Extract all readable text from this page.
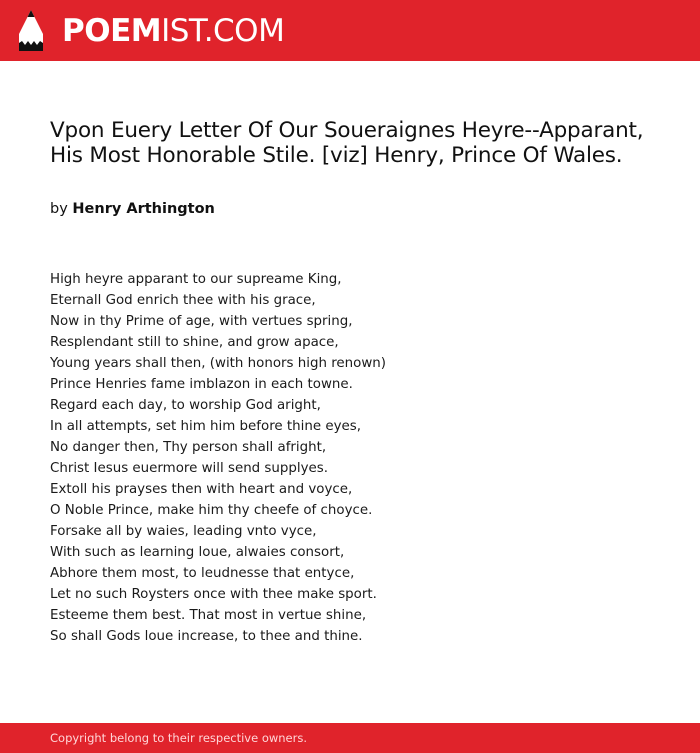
POEMIST.COM
Vpon Euery Letter Of Our Soueraignes Heyre--Apparant, His Most Honorable Stile. [viz] Henry, Prince Of Wales.
by Henry Arthington
High heyre apparant to our supreame King,
Eternall God enrich thee with his grace,
Now in thy Prime of age, with vertues spring,
Resplendant still to shine, and grow apace,
Young years shall then, (with honors high renown)
Prince Henries fame imblazon in each towne.
Regard each day, to worship God aright,
In all attempts, set him him before thine eyes,
No danger then, Thy person shall afright,
Christ Iesus euermore will send supplyes.
Extoll his prayses then with heart and voyce,
O Noble Prince, make him thy cheefe of choyce.
Forsake all by waies, leading vnto vyce,
With such as learning loue, alwaies consort,
Abhore them most, to leudnesse that entyce,
Let no such Roysters once with thee make sport.
Esteeme them best. That most in vertue shine,
So shall Gods loue increase, to thee and thine.
Copyright belong to their respective owners.
